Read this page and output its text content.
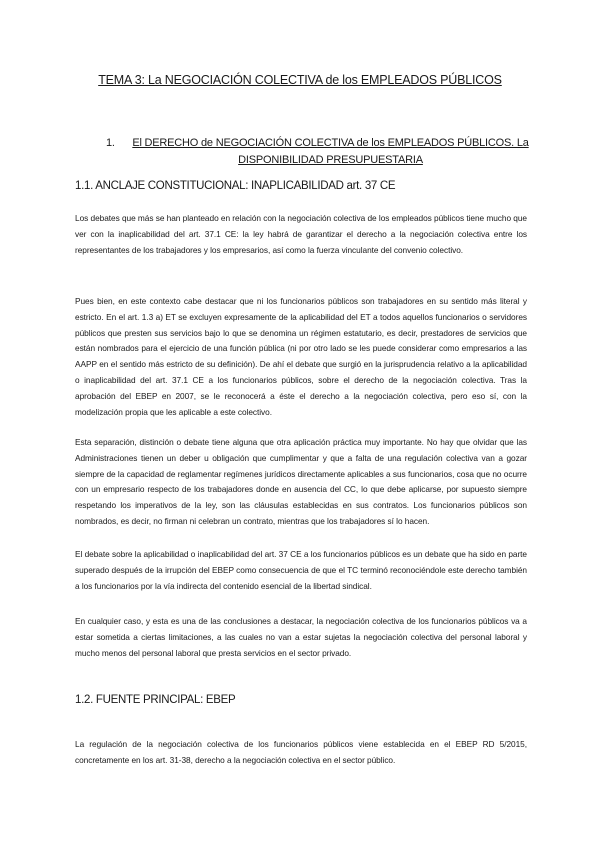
TEMA 3: La NEGOCIACIÓN COLECTIVA de los EMPLEADOS PÚBLICOS
1.	El DERECHO de NEGOCIACIÓN COLECTIVA de los EMPLEADOS PÚBLICOS. La DISPONIBILIDAD PRESUPUESTARIA
1.1. ANCLAJE CONSTITUCIONAL: INAPLICABILIDAD art. 37 CE

Los debates que más se han planteado en relación con la negociación colectiva de los empleados públicos tiene mucho que ver con la inaplicabilidad del art. 37.1 CE: la ley habrá de garantizar el derecho a la negociación colectiva entre los representantes de los trabajadores y los empresarios, así como la fuerza vinculante del convenio colectivo.

Pues bien, en este contexto cabe destacar que ni los funcionarios públicos son trabajadores en su sentido más literal y estricto. En el art. 1.3 a) ET se excluyen expresamente de la aplicabilidad del ET a todos aquellos funcionarios o servidores públicos que presten sus servicios bajo lo que se denomina un régimen estatutario, es decir, prestadores de servicios que están nombrados para el ejercicio de una función pública (ni por otro lado se les puede considerar como empresarios a las AAPP en el sentido más estricto de su definición). De ahí el debate que surgió en la jurisprudencia relativo a la aplicabilidad o inaplicabilidad del art. 37.1 CE a los funcionarios públicos, sobre el derecho de la negociación colectiva. Tras la aprobación del EBEP en 2007, se le reconocerá a éste el derecho a la negociación colectiva, pero eso sí, con la modelización propia que les aplicable a este colectivo.

Esta separación, distinción o debate tiene alguna que otra aplicación práctica muy importante. No hay que olvidar que las Administraciones tienen un deber u obligación que cumplimentar y que a falta de una regulación colectiva van a gozar siempre de la capacidad de reglamentar regímenes jurídicos directamente aplicables a sus funcionarios, cosa que no ocurre con un empresario respecto de los trabajadores donde en ausencia del CC, lo que debe aplicarse, por supuesto siempre respetando los imperativos de la ley, son las cláusulas establecidas en sus contratos. Los funcionarios públicos son nombrados, es decir, no firman ni celebran un contrato, mientras que los trabajadores sí lo hacen.

El debate sobre la aplicabilidad o inaplicabilidad del art. 37 CE a los funcionarios públicos es un debate que ha sido en parte superado después de la irrupción del EBEP como consecuencia de que el TC terminó reconociéndole este derecho también a los funcionarios por la vía indirecta del contenido esencial de la libertad sindical.

En cualquier caso, y esta es una de las conclusiones a destacar, la negociación colectiva de los funcionarios públicos va a estar sometida a ciertas limitaciones, a las cuales no van a estar sujetas la negociación colectiva del personal laboral y mucho menos del personal laboral que presta servicios en el sector privado.

1.2. FUENTE PRINCIPAL: EBEP

La regulación de la negociación colectiva de los funcionarios públicos viene establecida en el EBEP RD 5/2015, concretamente en los art. 31-38, derecho a la negociación colectiva en el sector público.
